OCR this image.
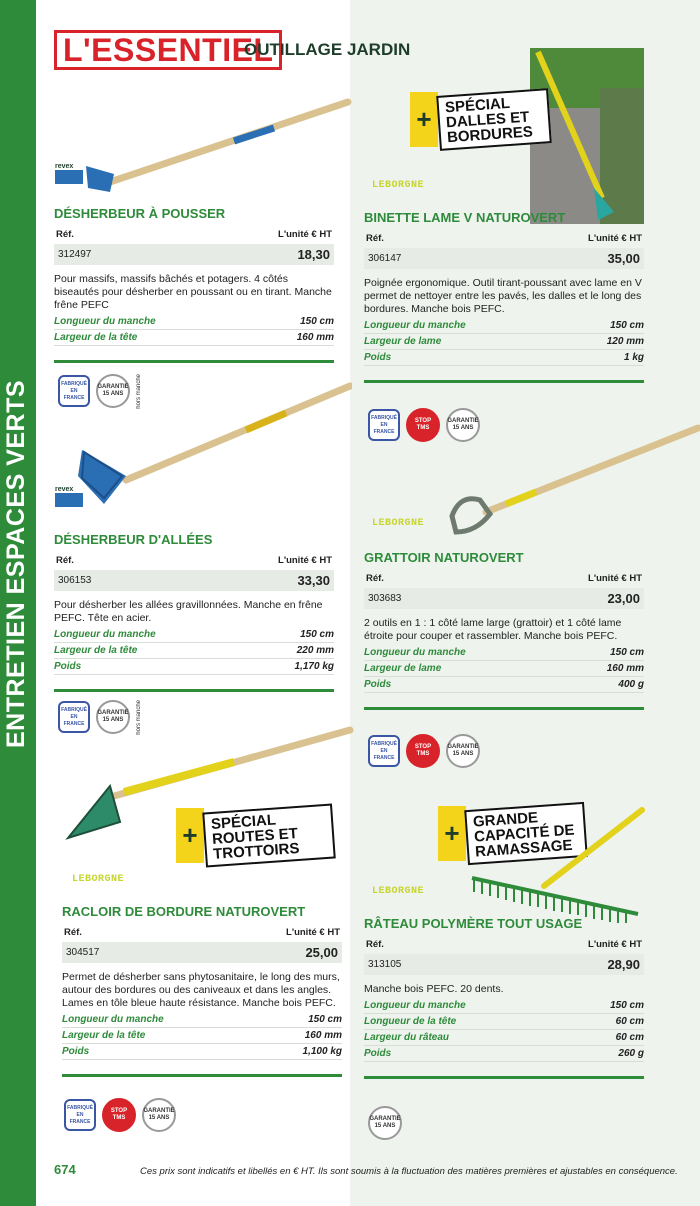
ENTRETIEN ESPACES VERTS
L'ESSENTIEL
OUTILLAGE JARDIN
revex
DÉSHERBEUR À POUSSER
Réf.	L'unité € HT
312497	18,30
Pour massifs, massifs bâchés et potagers. 4 côtés biseautés pour désherber en poussant ou en tirant. Manche frêne PEFC
Longueur du manche	150 cm
Largeur de la tête	160 mm
FABRIQUÉ EN FRANCE
GARANTIE 15 ANS	hors manche
revex
DÉSHERBEUR D'ALLÉES
Réf.	L'unité € HT
306153	33,30
Pour désherber les allées gravillonnées. Manche en frêne PEFC. Tête en acier.
Longueur du manche	150 cm
Largeur de la tête	220 mm
Poids	1,170 kg
FABRIQUÉ EN FRANCE
GARANTIE 15 ANS	hors manche
+ SPÉCIAL ROUTES ET TROTTOIRS
LEBORGNE
RACLOIR DE BORDURE NATUROVERT
Réf.	L'unité € HT
304517	25,00
Permet de désherber sans phytosanitaire, le long des murs, autour des bordures ou des caniveaux et dans les angles. Lames en tôle bleue haute résistance. Manche bois PEFC.
Longueur du manche	150 cm
Largeur de la tête	160 mm
Poids	1,100 kg
FABRIQUÉ EN FRANCE
STOP TMS
GARANTIE 15 ANS
+ SPÉCIAL DALLES ET BORDURES
LEBORGNE
BINETTE LAME V NATUROVERT
Réf.	L'unité € HT
306147	35,00
Poignée ergonomique. Outil tirant-poussant avec lame en V permet de nettoyer entre les pavés, les dalles et le long des bordures. Manche bois PEFC.
Longueur du manche	150 cm
Largeur de lame	120 mm
Poids	1 kg
FABRIQUÉ EN FRANCE
STOP TMS
GARANTIE 15 ANS
LEBORGNE
GRATTOIR NATUROVERT
Réf.	L'unité € HT
303683	23,00
2 outils en 1 : 1 côté lame large (grattoir) et 1 côté lame étroite pour couper et rassembler. Manche bois PEFC.
Longueur du manche	150 cm
Largeur de lame	160 mm
Poids	400 g
FABRIQUÉ EN FRANCE
STOP TMS
GARANTIE 15 ANS
+ GRANDE CAPACITÉ DE RAMASSAGE
LEBORGNE
RÂTEAU POLYMÈRE TOUT USAGE
Réf.	L'unité € HT
313105	28,90
Manche bois PEFC. 20 dents.
Longueur du manche	150 cm
Longueur de la tête	60 cm
Largeur du râteau	60 cm
Poids	260 g
GARANTIE 15 ANS
674	Ces prix sont indicatifs et libellés en € HT. Ils sont soumis à la fluctuation des matières premières et ajustables en conséquence.
